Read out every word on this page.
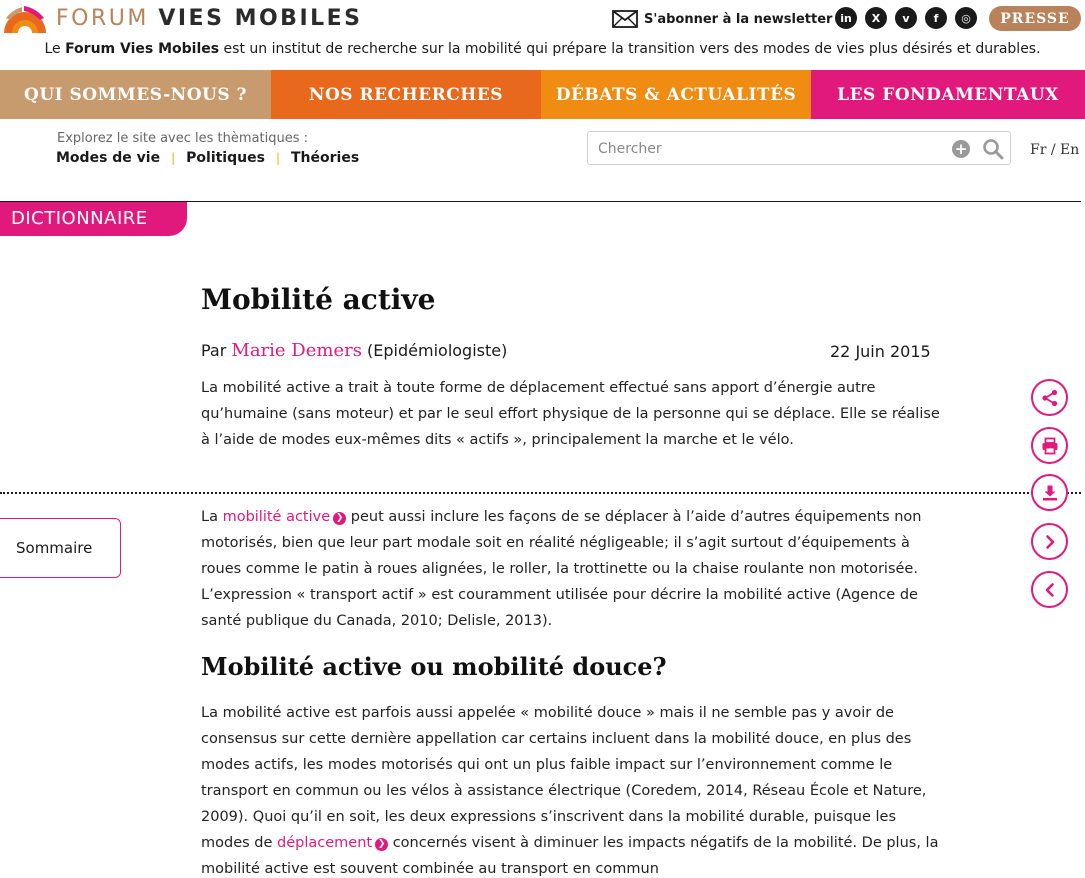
FORUM VIES MOBILES	S'abonner à la newsletter in	X	v	f	◎	PRESSE
Le Forum Vies Mobiles est un institut de recherche sur la mobilité qui prépare la transition vers des modes de vies plus désirés et durables.
QUI SOMMES-NOUS ?	NOS RECHERCHES	DÉBATS & ACTUALITÉS	LES FONDAMENTAUX
Explorez le site avec les thèmatiques :
Modes de vie | Politiques | Théories
Chercher	+	Fr / En
DICTIONNAIRE
Mobilité active
Par Marie Demers (Epidémiologiste)	22 Juin 2015

La mobilité active a trait à toute forme de déplacement effectué sans apport d’énergie autre qu’humaine (sans moteur) et par le seul effort physique de la personne qui se déplace. Elle se réalise à l’aide de modes eux-mêmes dits « actifs », principalement la marche et le vélo.

Sommaire

La mobilité active ❯ peut aussi inclure les façons de se déplacer à l’aide d’autres équipements non motorisés, bien que leur part modale soit en réalité négligeable; il s’agit surtout d’équipements à roues comme le patin à roues alignées, le roller, la trottinette ou la chaise roulante non motorisée. L’expression « transport actif » est couramment utilisée pour décrire la mobilité active (Agence de santé publique du Canada, 2010; Delisle, 2013).

Mobilité active ou mobilité douce?

La mobilité active est parfois aussi appelée « mobilité douce » mais il ne semble pas y avoir de consensus sur cette dernière appellation car certains incluent dans la mobilité douce, en plus des modes actifs, les modes motorisés qui ont un plus faible impact sur l’environnement comme le transport en commun ou les vélos à assistance électrique (Coredem, 2014, Réseau École et Nature, 2009). Quoi qu’il en soit, les deux expressions s’inscrivent dans la mobilité durable, puisque les modes de déplacement ❯ concernés visent à diminuer les impacts négatifs de la mobilité. De plus, la mobilité active est souvent combinée au transport en commun
